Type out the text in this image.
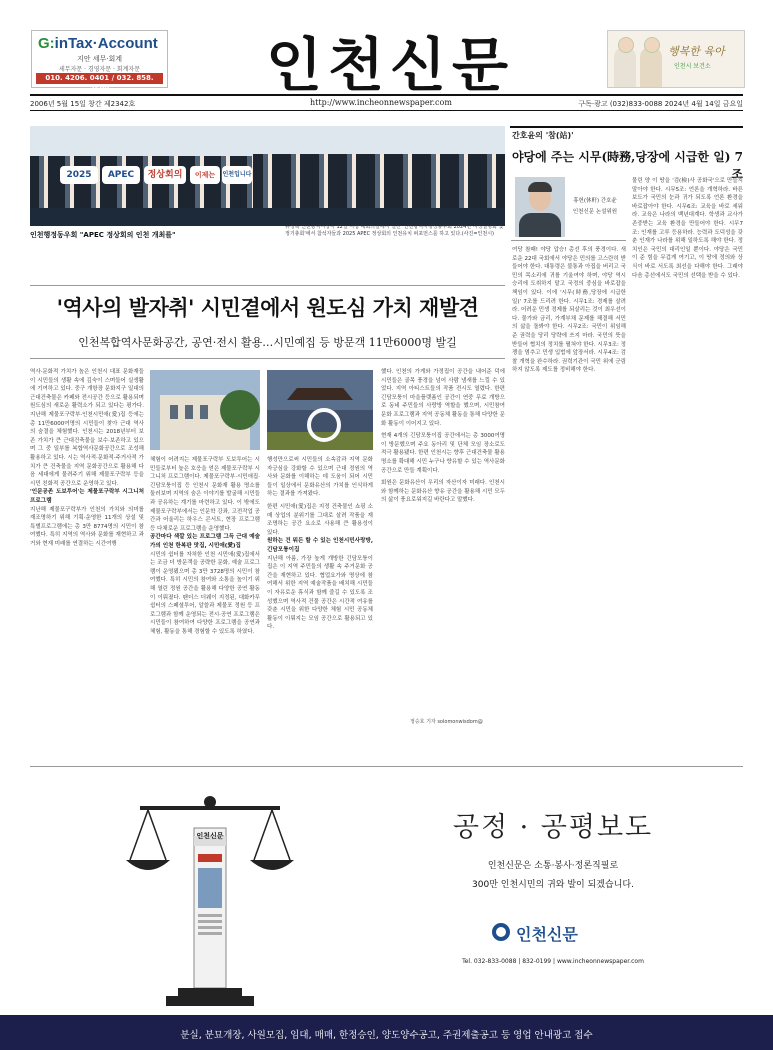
G:inTax·Account
지안 세무·회계
세무자문 · 경영자문 · 회계자문
010. 4206. 0401 / 032. 858. 2500	인천신문	행복한 육아
인천시 보건소
2006년 5월 15일 창간 제2342호	http://www.incheonnewspaper.com	구독·광고 (032)833-0088 2024년 4월 14일 금요일
2025	APEC	정상회의	이제는	인천입니다
인천행정동우회 "APEC 정상회의 인천 개최를"
유정복 인천광역시장이 12일 시청 대회의실에서 열린 '인천광역시행정동우회 2024년 시정설명회 및 정기총회'에서 참석자들과 2025 APEC 정상회의 인천유치 퍼포먼스를 하고 있다.(사진=인천시)
'역사의 발자취' 시민곁에서 원도심 가치 재발견
인천복합역사문화공간, 공연·전시 활용…시민예집 등 방문객 11만6000명 발길

역사·문화적 가치가 높은 인천시 대표 문화재들이 시민들의 생활 속에 깊숙이 스며들어 실생활에 기여하고 있다. 중구 개항장 문화지구 일대의 근대건축물은 카페와 전시공간 등으로 활용되며 원도심의 새로운 활력소가 되고 있다는 평가다. 지난해 제물포구락부·인천시민애(愛)집 등에는 총 11만6000여명의 시민들이 찾아 근대 역사의 숨결을 체험했다. 인천시는 2018년부터 보존 가치가 큰 근대건축물을 보수·보존하고 있으며 그 중 일부를 복합역사문화공간으로 조성해 활용하고 있다. 시는 역사적·문화적·주거사적 가치가 큰 건축물을 지역 문화공간으로 활용해 다음 세대에게 물려주기 위해 제물포구락부 등을 시민 친화적 공간으로 운영하고 있다.

'인문공존 도보투어'는 제물포구락부 시그니처 프로그램

지난해 제물포구락부가 인천의 가치와 의미를 재조명하기 위해 기획·운영한 11개의 상설 및 특별프로그램에는 총 3만 8774명의 시민이 참여했다. 특히 지역의 역사와 문화를 재현하고 과거와 현재 미래를 연결하는 시간여행

체험이 어려지는 제물포구락부 도보투어는 시민들로부터 높은 호응을 얻은 제물포구락부 시그니처 프로그램이다. 제물포구락부·시민애집·긴담모퉁이집 등 인천시 문화재 활용 명소를 둘러보며 지역의 숨은 이야기를 발굴해 시민들과 공유하는 계기를 마련하고 있다. 이 밖에도 제물포구락부에서는 인문학 강좌, 고전작업 공간과 어울리는 하우스 콘서트, 현장 프로그램 등 다채로운 프로그램을 운영했다.

공간마다 색깔 있는 프로그램 그득 근대 예술가의 인천 한복판 맛집, 시민애(愛)집

시민의 쉼터를 자처한 인천 시민애(愛)집에서는 조금 더 방문객을 공략한 문화, 예술 프로그램이 운영됐으며 총 3만 3728명의 시민이 참여했다. 특히 시민의 참여와 소통을 높이기 위해 열린 정원 공간을 활용해 다양한 공연 활동이 이뤄졌다. 팬더스 더웨이 지정된, 대화카무 쉼터의 스페셜투어, 알쓸과 제물포 정원 등 프로그램과 함께 운영되는 전시·공연 프로그램은 시민들이 참여하여 다양한 프로그램을 공연과 체험, 활동을 통해 경험할 수 있도록 하였다.

행성만으로써 시민들의 소속감과 지역 문화 자긍심을 강화할 수 있으며 근대 정원의 역사와 문화를 이해하는 데 도움이 되어 시민들이 일상에서 문화유산의 가치를 인식하게 하는 결과를 가져왔다.

한편 시민애(愛)집은 지정 건축물인 쇼핑 소매 상업의 분위기를 그대로 살려 작품을 재조명하는 공간 요소로 사용해 큰 활용성이 있다.

원하는 건 뭐든 할 수 있는 인천시민사랑방, 긴담모퉁이집

지난해 아름, 가장 높게 개방한 긴담모퉁이집은 이 지역 주민들의 생활 속 주거문화 공간을 재현하고 있다. 협업요가와 명상에 참여해서 위한 지역 예술작품을 배치해 시민들이 자유로운 휴식과 함께 즐길 수 있도록 조성했으며 역사적 건물 공간은 시간적 여유를 갖춘 시민을 위한 다양한 체험 시민 공동체 활동이 이뤄지는 모임 공간으로 활용되고 있다.

했다. 인천의 가게와 가정집이 공간을 내어준 덕에 시민들은 골목 풍경을 넘어 사람 냄새를 느낄 수 있었다. 지역 아티스트들의 작품 전시도 열렸다. 한편 긴담모퉁이 마을플랫폼인 공간이 연중 무료 개방으로 동네 주민들의 사랑방 역할을 했으며, 시민참여 문화 프로그램과 지역 공동체 활동을 통해 다양한 문화 활동이 이어지고 있다.

현재 4개의 긴담모퉁이집 공간에서는 총 3000여명이 방문했으며 주요 동아리 및 단체 모임 장소로도 적극 활용됐다. 한편 인천시는 향후 근대건축물 활용 명소를 확대해 시민 누구나 향유할 수 있는 역사문화 공간으로 만들 계획이다.

회원은 문화유산이 우리의 자산이자 미래다. 인천시와 함께하는 문화유산 향유 공간을 활용해 시민 모두의 삶이 풍요로워지길 바란다고 말했다.

정승호 기자 solomonwisdom@
간호윤의 '참(站)'
야당에 주는 시무(時務,당장에 시급한 일) 7조
휴헌(休軒) 간호윤
인천신문 논설위원

여당 참패! 야당 압승! 총선 후의 풍경이다. 새로운 22대 국회에서 야당은 민의를 고스란히 받들어야 한다. 대통령은 불통과 아집을 버리고 국민의 목소리에 귀를 기울여야 하며, 야당 역시 승리에 도취하지 말고 국정의 중심을 바로잡을 책임이 있다. 이에 '시무(時務,당장에 시급한 일)' 7조를 드리려 한다. 시무1조: 경제를 살려라. 어려운 민생 경제를 되살리는 것이 최우선이다. 물가와 금리, 가계부채 문제를 해결해 서민의 삶을 돌봐야 한다. 시무2조: 국민이 위임해 준 권력을 당리 당략에 쓰지 마라. 국민의 뜻을 받들어 협치의 정치를 펼쳐야 한다. 시무3조: 정쟁을 멈추고 민생 입법에 앞장서라. 시무4조: 검찰 개혁을 완수하라. 권력기관이 국민 위에 군림하지 않도록 제도를 정비해야 한다.

물린 양 이 땅을 '검(檢)사 공화국'으로 만들지 말아야 한다. 시무5조: 언론을 개혁하라. 바른 보도가 국민의 눈과 귀가 되도록 언론 환경을 바로잡아야 한다. 시무6조: 교육을 바로 세워라. 교육은 나라의 백년대계다. 학생과 교사가 존중받는 교육 환경을 만들어야 한다. 시무7조: 인재를 고루 등용하라. 능력과 도덕성을 갖춘 인재가 나라를 위해 일하도록 해야 한다. 정치인은 국민의 대리인일 뿐이다. 야당은 국민이 준 힘을 무겁게 여기고, 이 땅에 정의와 상식이 바로 서도록 최선을 다해야 한다. 그래야 다음 총선에서도 국민의 선택을 받을 수 있다.

인천신문	공정 · 공평보도
인천신문은 소통·봉사·정론직필로
300만 인천시민의 귀와 발이 되겠습니다.
인천신문
Tel. 032-833-0088 | 832-0199 | www.incheonnewspaper.com
분실, 분묘개장, 사원모집, 임대, 매매, 한정승인, 양도양수공고, 주권제출공고 등 영업 안내광고 접수
